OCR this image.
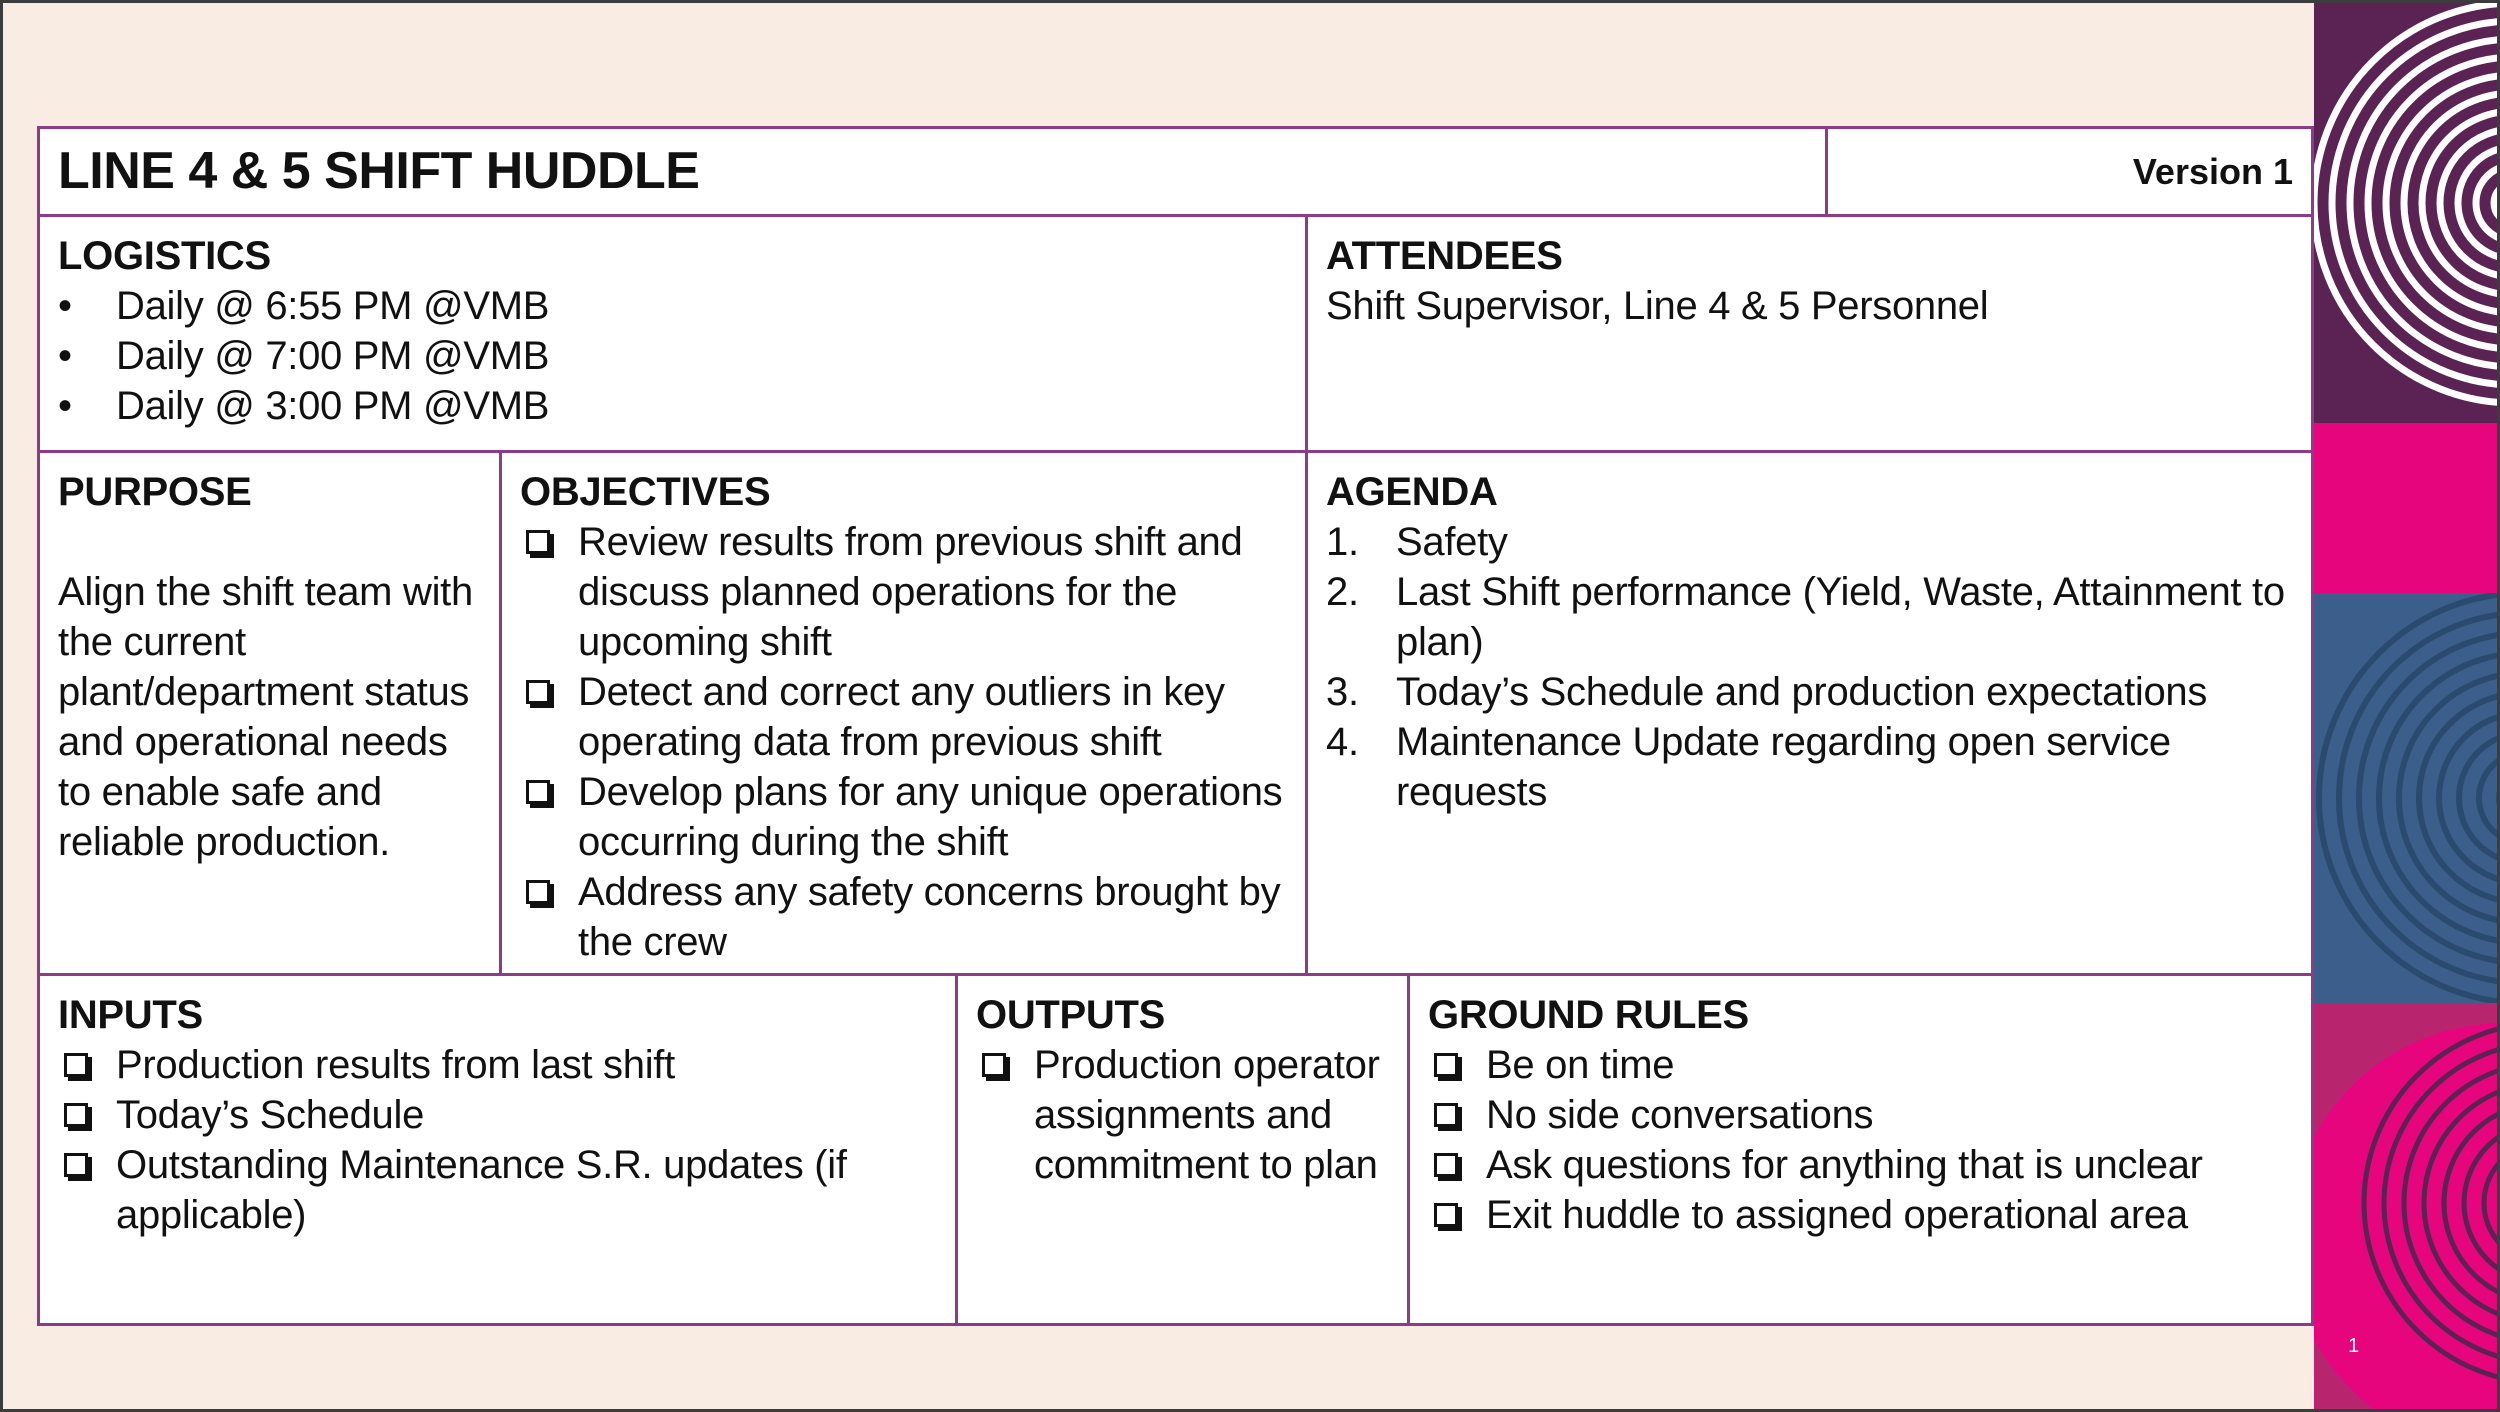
1
LINE 4 & 5 SHIFT HUDDLE	Version 1
LOGISTICS
•	Daily @ 6:55 PM @VMB
•	Daily @ 7:00 PM @VMB
•	Daily @ 3:00 PM @VMB
ATTENDEES
Shift Supervisor, Line 4 & 5 Personnel
PURPOSE
Align the shift team with the current plant/department status and operational needs to enable safe and reliable production.
OBJECTIVES
Review results from previous shift and discuss planned operations for the upcoming shift
Detect and correct any outliers in key operating data from previous shift
Develop plans for any unique operations occurring during the shift
Address any safety concerns brought by the crew
AGENDA
1. Safety
2. Last Shift performance (Yield, Waste, Attainment to plan)
3. Today’s Schedule and production expectations
4. Maintenance Update regarding open service requests
INPUTS
Production results from last shift
Today’s Schedule
Outstanding Maintenance S.R. updates (if applicable)
OUTPUTS
Production operator assignments and commitment to plan
GROUND RULES
Be on time
No side conversations
Ask questions for anything that is unclear
Exit huddle to assigned operational area
